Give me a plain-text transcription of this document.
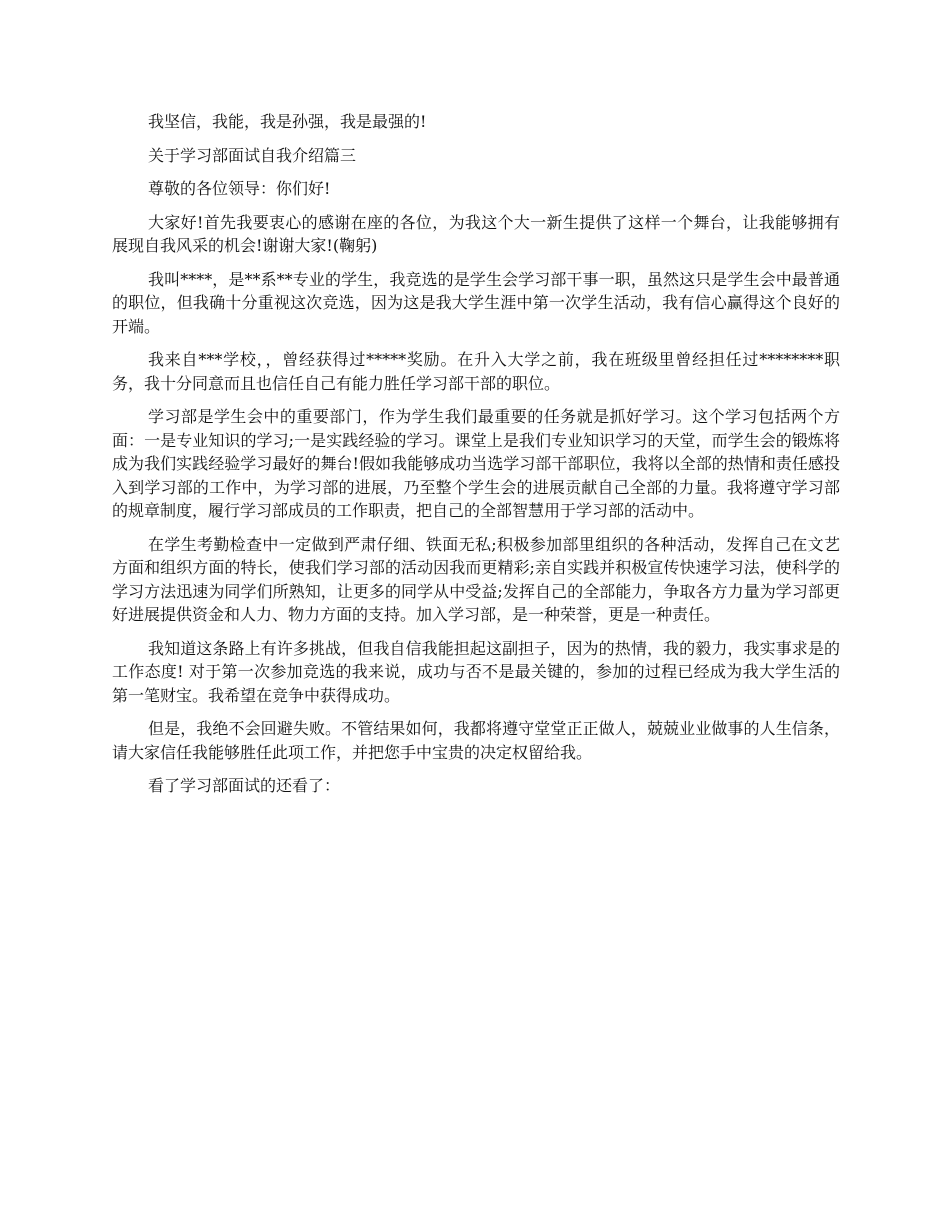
我坚信，我能，我是孙强，我是最强的!

关于学习部面试自我介绍篇三

尊敬的各位领导：你们好!

大家好!首先我要衷心的感谢在座的各位，为我这个大一新生提供了这样一个舞台，让我能够拥有展现自我风采的机会!谢谢大家!(鞠躬)

我叫****，是**系**专业的学生，我竞选的是学生会学习部干事一职，虽然这只是学生会中最普通的职位，但我确十分重视这次竞选，因为这是我大学生涯中第一次学生活动，我有信心赢得这个良好的开端。

我来自***学校，，曾经获得过*****奖励。在升入大学之前，我在班级里曾经担任过********职务，我十分同意而且也信任自己有能力胜任学习部干部的职位。

学习部是学生会中的重要部门，作为学生我们最重要的任务就是抓好学习。这个学习包括两个方面：一是专业知识的学习;一是实践经验的学习。课堂上是我们专业知识学习的天堂，而学生会的锻炼将成为我们实践经验学习最好的舞台!假如我能够成功当选学习部干部职位，我将以全部的热情和责任感投入到学习部的工作中，为学习部的进展，乃至整个学生会的进展贡献自己全部的力量。我将遵守学习部的规章制度，履行学习部成员的工作职责，把自己的全部智慧用于学习部的活动中。

在学生考勤检查中一定做到严肃仔细、铁面无私;积极参加部里组织的各种活动，发挥自己在文艺方面和组织方面的特长，使我们学习部的活动因我而更精彩;亲自实践并积极宣传快速学习法，使科学的学习方法迅速为同学们所熟知，让更多的同学从中受益;发挥自己的全部能力，争取各方力量为学习部更好进展提供资金和人力、物力方面的支持。加入学习部，是一种荣誉，更是一种责任。

我知道这条路上有许多挑战，但我自信我能担起这副担子，因为的热情，我的毅力，我实事求是的工作态度! 对于第一次参加竞选的我来说，成功与否不是最关键的，参加的过程已经成为我大学生活的第一笔财宝。我希望在竞争中获得成功。

但是，我绝不会回避失败。不管结果如何，我都将遵守堂堂正正做人，兢兢业业做事的人生信条，请大家信任我能够胜任此项工作，并把您手中宝贵的决定权留给我。

看了学习部面试的还看了：
